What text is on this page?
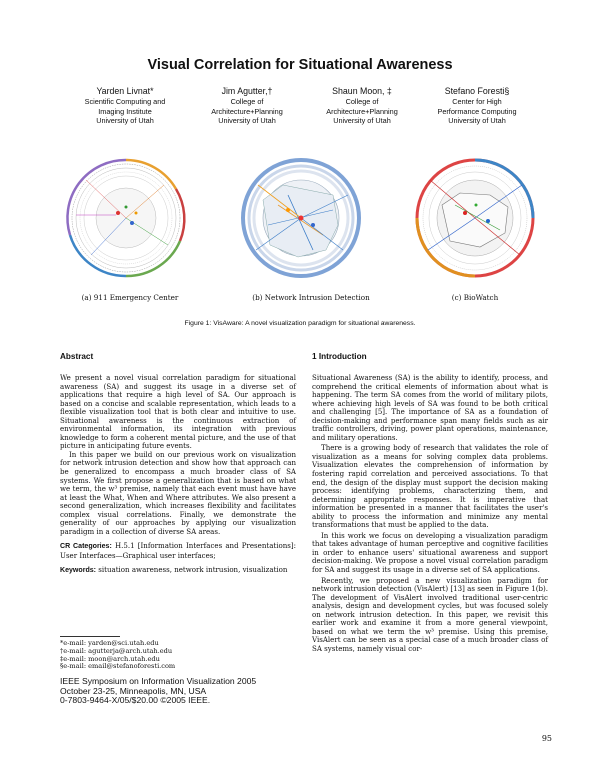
Visual Correlation for Situational Awareness
Yarden Livnat*
Scientific Computing and
Imaging Institute
University of Utah
Jim Agutter,†
College of
Architecture+Planning
University of Utah
Shaun Moon, ‡
College of
Architecture+Planning
University of Utah
Stefano Foresti§
Center for High
Performance Computing
University of Utah
(a) 911 Emergency Center	(b) Network Intrusion Detection	(c) BioWatch
Figure 1: VisAware: A novel visualization paradigm for situational awareness.
Abstract

We present a novel visual correlation paradigm for situational awareness (SA) and suggest its usage in a diverse set of applications that require a high level of SA. Our approach is based on a concise and scalable representation, which leads to a flexible visualization tool that is both clear and intuitive to use. Situational awareness is the continuous extraction of environmental information, its integration with previous knowledge to form a coherent mental picture, and the use of that picture in anticipating future events.

In this paper we build on our previous work on visualization for network intrusion detection and show how that approach can be generalized to encompass a much broader class of SA systems. We first propose a generalization that is based on what we term, the w³ premise, namely that each event must have have at least the What, When and Where attributes. We also present a second generalization, which increases flexibility and facilitates complex visual correlations. Finally, we demonstrate the generality of our approaches by applying our visualization paradigm in a collection of diverse SA areas.

CR Categories: H.5.1 [Information Interfaces and Presentations]: User Interfaces—Graphical user interfaces;

Keywords: situation awareness, network intrusion, visualization

*e-mail: yarden@sci.utah.edu
†e-mail: agutterja@arch.utah.edu
‡e-mail: moon@arch.utah.edu
§e-mail: email@stefanoforesti.com
IEEE Symposium on Information Visualization 2005
October 23-25, Minneapolis, MN, USA
0-7803-9464-X/05/$20.00 ©2005 IEEE.
1 Introduction

Situational Awareness (SA) is the ability to identify, process, and comprehend the critical elements of information about what is happening. The term SA comes from the world of military pilots, where achieving high levels of SA was found to be both critical and challenging [5]. The importance of SA as a foundation of decision-making and performance span many fields such as air traffic controllers, driving, power plant operations, maintenance, and military operations.

There is a growing body of research that validates the role of visualization as a means for solving complex data problems. Visualization elevates the comprehension of information by fostering rapid correlation and perceived associations. To that end, the design of the display must support the decision making process: identifying problems, characterizing them, and determining appropriate responses. It is imperative that information be presented in a manner that facilitates the user's ability to process the information and minimize any mental transformations that must be applied to the data.

In this work we focus on developing a visualization paradigm that takes advantage of human perceptive and cognitive facilities in order to enhance users' situational awareness and support decision-making. We propose a novel visual correlation paradigm for SA and suggest its usage in a diverse set of SA applications.

Recently, we proposed a new visualization paradigm for network intrusion detection (VisAlert) [13] as seen in Figure 1(b). The development of VisAlert involved traditional user-centric analysis, design and development cycles, but was focused solely on network intrusion detection. In this paper, we revisit this earlier work and examine it from a more general viewpoint, based on what we term the w³ premise. Using this premise, VisAlert can be seen as a special case of a much broader class of SA systems, namely visual cor-

95
